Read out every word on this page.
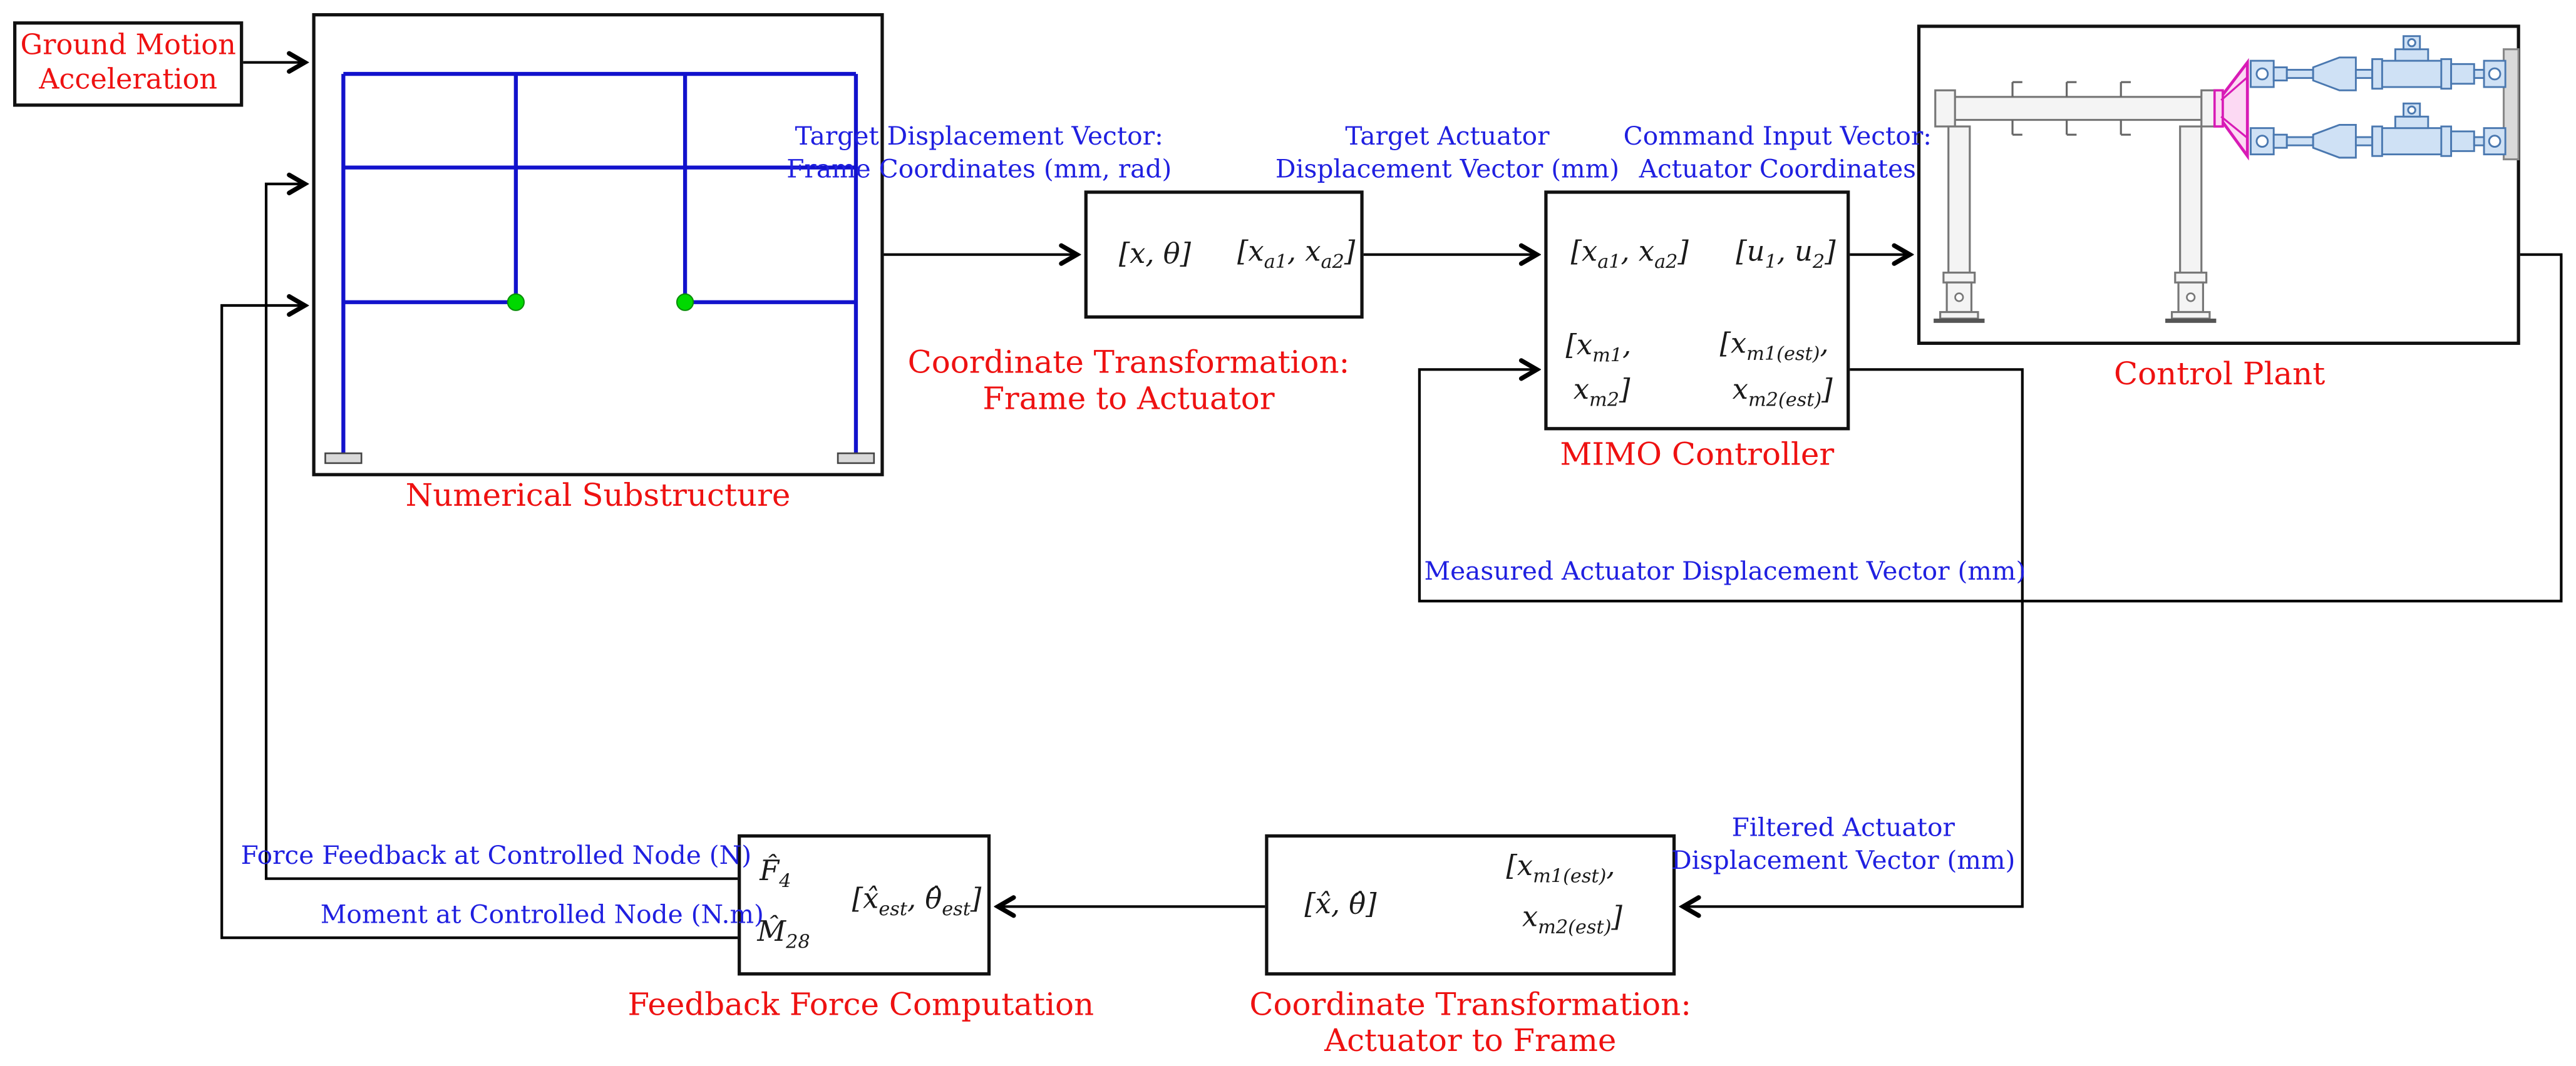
Ground Motion
Acceleration
Numerical Substructure
Coordinate Transformation:
Frame to Actuator
MIMO Controller
Control Plant
Feedback Force Computation	Coordinate Transformation:
Actuator to Frame
Target Displacement Vector:
Frame Coordinates (mm, rad)
Target Actuator
Displacement Vector (mm)
Command Input Vector:
Actuator Coordinates
Measured Actuator Displacement Vector (mm)
Filtered Actuator
Displacement Vector (mm)
Force Feedback at Controlled Node (N)
Moment at Controlled Node (N.m)
[x, θ]	[$x_{a1}$, $x_{a2}$]	[$x_{a1}$, $x_{a2}$]	[$u_1$, $u_2$]
[$x_{m1}$,
$x_{m2}$]
[$x_{m1(est)}$,
$x_{m2(est)}$]
[x̂, θ̂]
[$x_{m1(est)}$,
$x_{m2(est)}$]
$F̂_4$
$M̂_{28}$
[$x̂_{est}$, $\thetâ_{est}$]
